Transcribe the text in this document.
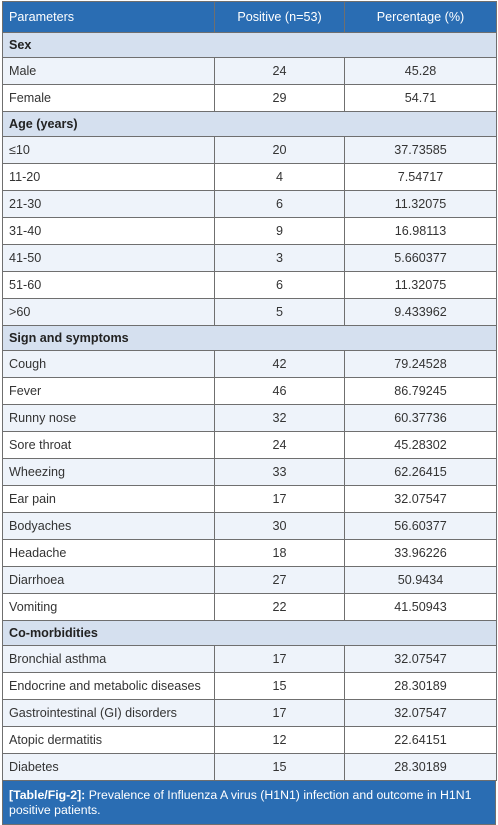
Parameters	Positive (n=53)	Percentage (%)
Sex		
Male	24	45.28
Female	29	54.71
Age (years)		
≤10	20	37.73585
11-20	4	7.54717
21-30	6	11.32075
31-40	9	16.98113
41-50	3	5.660377
51-60	6	11.32075
>60	5	9.433962
Sign and symptoms		
Cough	42	79.24528
Fever	46	86.79245
Runny nose	32	60.37736
Sore throat	24	45.28302
Wheezing	33	62.26415
Ear pain	17	32.07547
Bodyaches	30	56.60377
Headache	18	33.96226
Diarrhoea	27	50.9434
Vomiting	22	41.50943
Co-morbidities		
Bronchial asthma	17	32.07547
Endocrine and metabolic diseases	15	28.30189
Gastrointestinal (GI) disorders	17	32.07547
Atopic dermatitis	12	22.64151
Diabetes	15	28.30189
[Table/Fig-2]: Prevalence of Influenza A virus (H1N1) infection and outcome in H1N1 positive patients.
